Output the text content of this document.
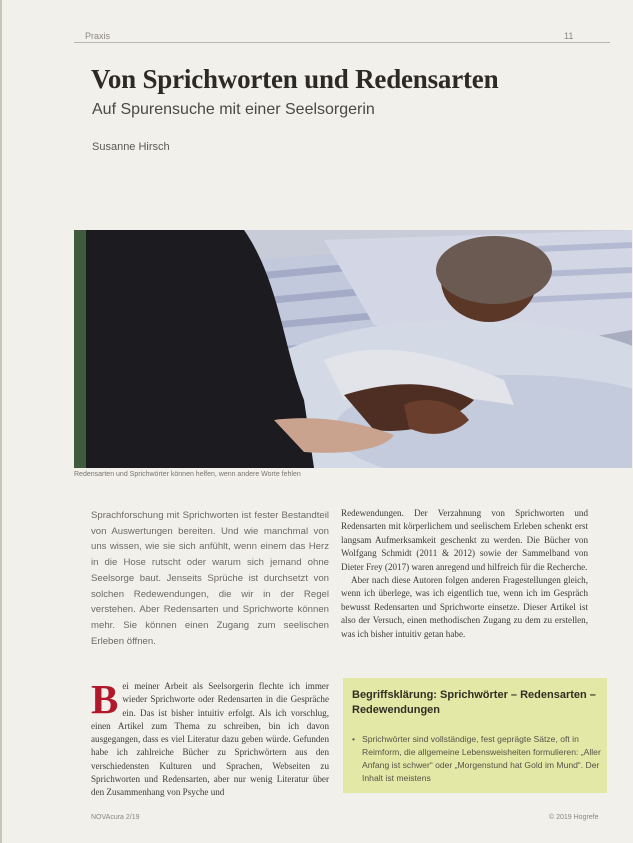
Praxis	11
Von Sprichworten und Redensarten
Auf Spurensuche mit einer Seelsorgerin
Susanne Hirsch
Redensarten und Sprichwörter können helfen, wenn andere Worte fehlen
Sprachforschung mit Sprichworten ist fester Bestandteil von Auswertungen bereiten. Und wie manchmal von uns wissen, wie sie sich anfühlt, wenn einem das Herz in die Hose rutscht oder warum sich jemand ohne Seelsorge baut. Jenseits Sprüche ist durchsetzt von solchen Redewendungen, die wir in der Regel verstehen. Aber Redensarten und Sprichworte können mehr. Sie können einen Zugang zum seelischen Erleben öffnen.

Redewendungen. Der Verzahnung von Sprichworten und Redensarten mit körperlichem und seelischem Erleben schenkt erst langsam Aufmerksamkeit geschenkt zu werden. Die Bücher von Wolfgang Schmidt (2011 & 2012) sowie der Sammelband von Dieter Frey (2017) waren anregend und hilfreich für die Recherche.

Aber nach diese Autoren folgen anderen Fragestellungen gleich, wenn ich überlege, was ich eigentlich tue, wenn ich im Gespräch bewusst Redensarten und Sprichworte einsetze. Dieser Artikel ist also der Versuch, einen methodischen Zugang zu dem zu erstellen, was ich bisher intuitiv getan habe.

Bei meiner Arbeit als Seelsorgerin flechte ich immer wieder Sprichworte oder Redensarten in die Gespräche ein. Das ist bisher intuitiv erfolgt. Als ich vorschlug, einen Artikel zum Thema zu schreiben, bin ich davon ausgegangen, dass es viel Literatur dazu geben würde. Gefunden habe ich zahlreiche Bücher zu Sprichwörtern aus den verschiedensten Kulturen und Sprachen, Webseiten zu Sprichworten und Redensarten, aber nur wenig Literatur über den Zusammenhang von Psyche und
Begriffsklärung: Sprichwörter – Redensarten – Redewendungen
• Sprichwörter sind vollständige, fest geprägte Sätze, oft in Reimform, die allgemeine Lebensweisheiten formulieren: „Aller Anfang ist schwer“ oder „Morgenstund hat Gold im Mund“. Der Inhalt ist meistens
NOVAcura 2/19	© 2019 Hogrefe
